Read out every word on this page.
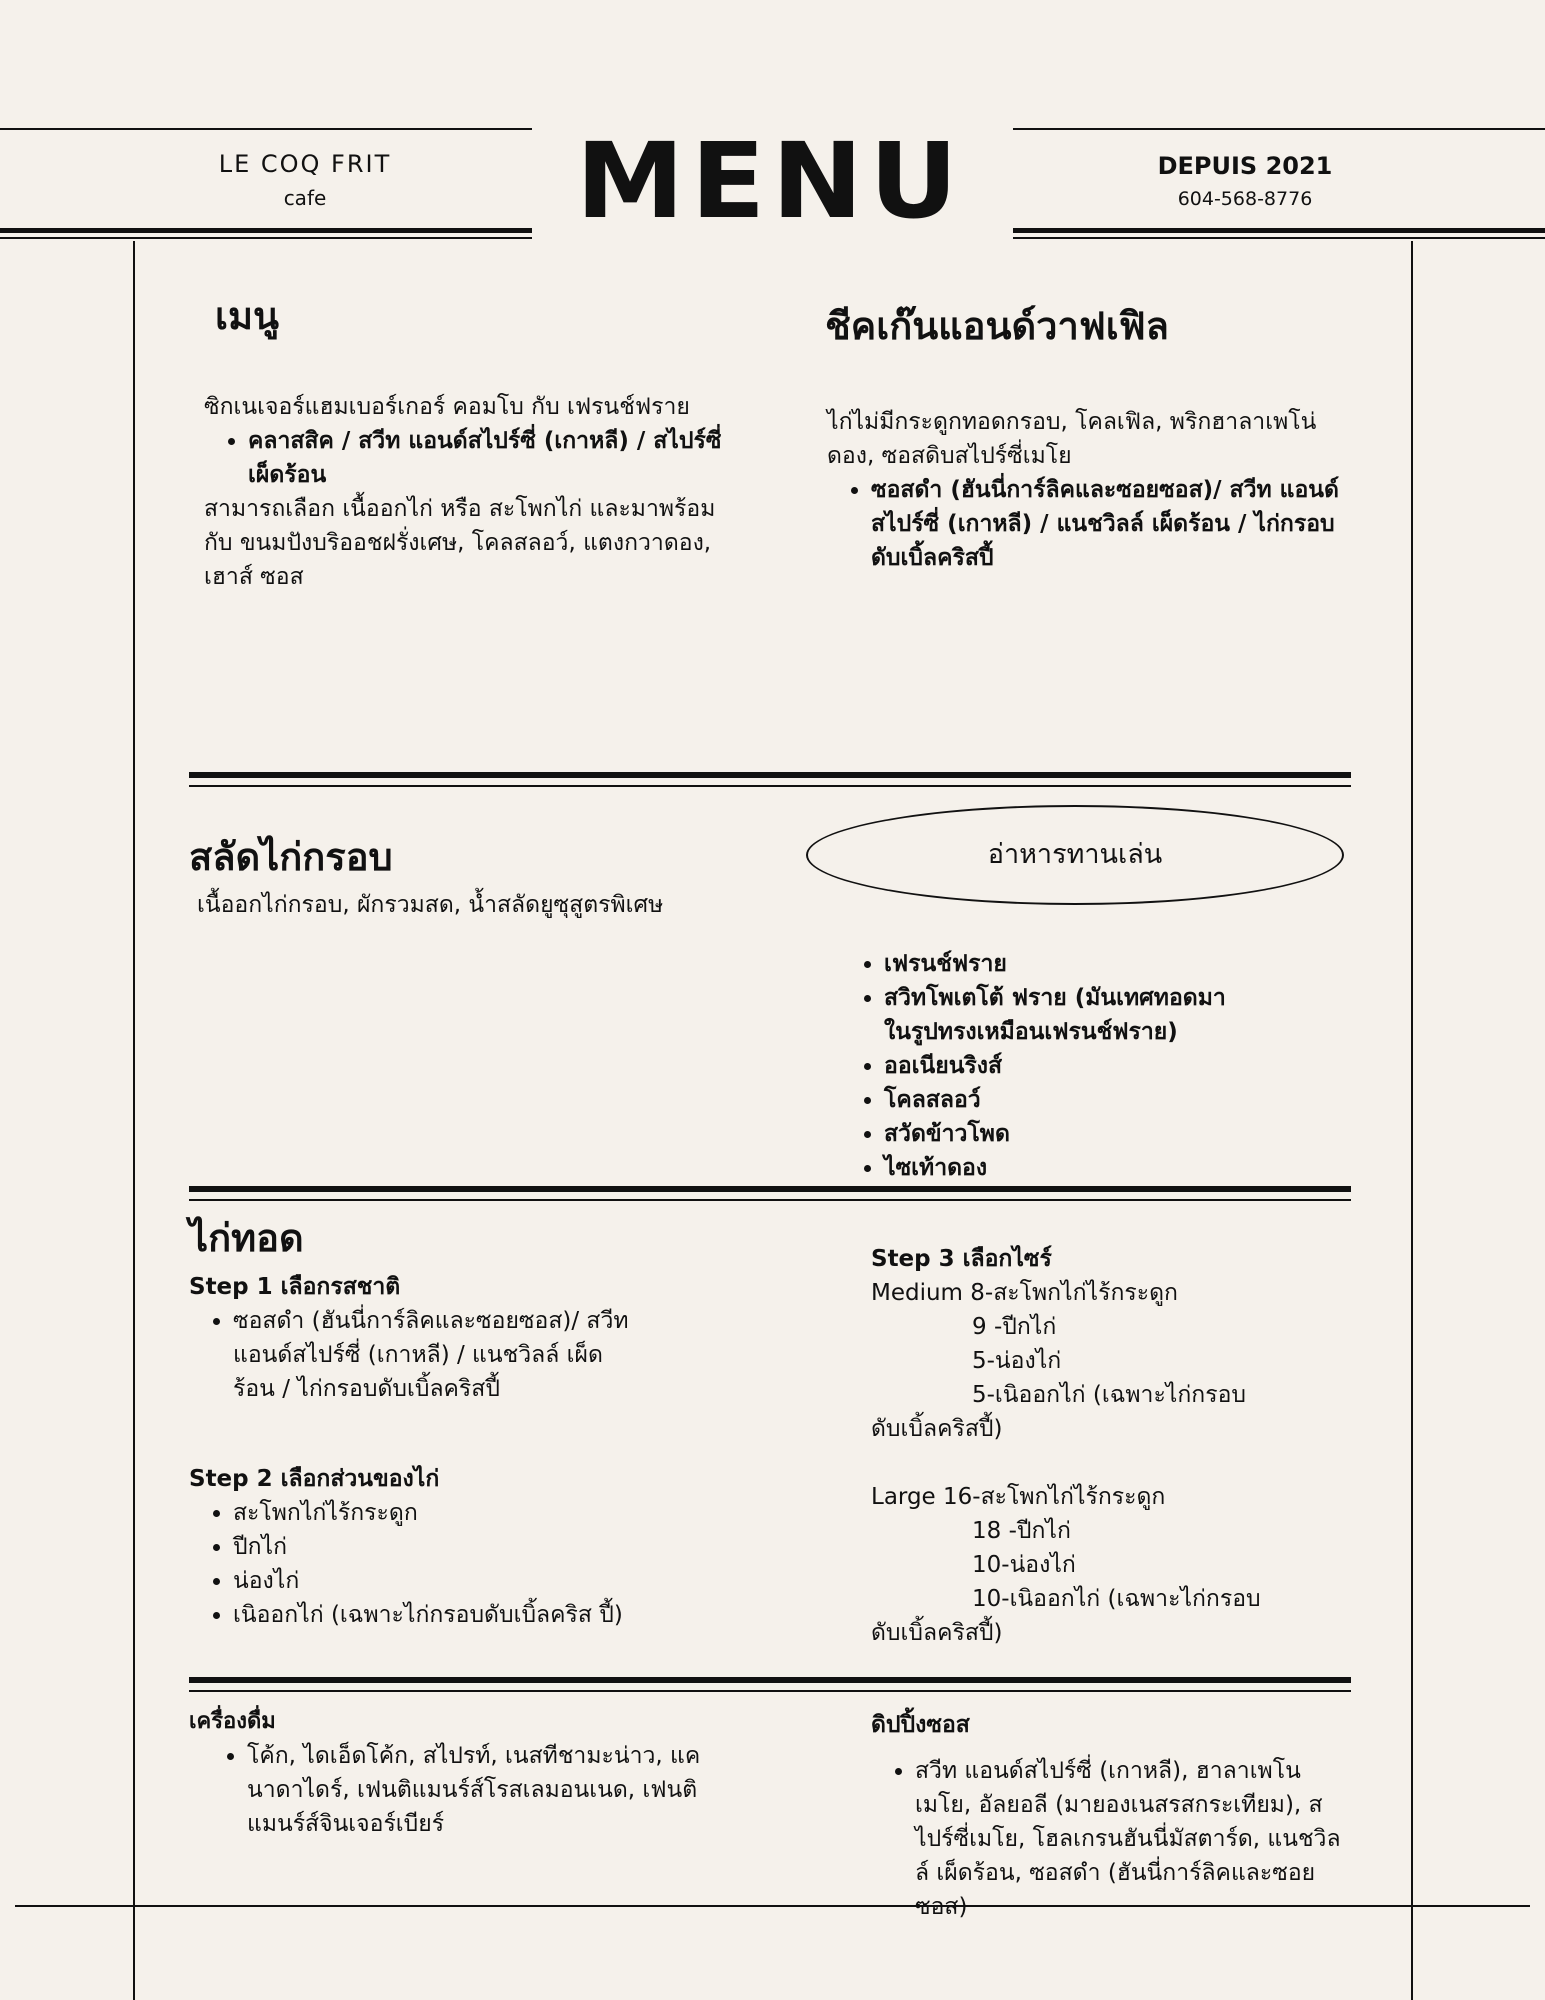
LE COQ FRIT
cafe	MENU	DEPUIS 2021
604-568-8776
เมนู
ซิกเนเจอร์แฮมเบอร์เกอร์ คอมโบ กับ เฟรนช์ฟราย
• คลาสสิค / สวีท แอนด์สไปร์ซี่ (เกาหลี) / สไปร์ซี่ เผ็ดร้อน
สามารถเลือก เนื้ออกไก่ หรือ สะโพกไก่ และมาพร้อมกับ ขนมปังบริออชฝรั่งเศษ, โคลสลอว์, แตงกวาดอง, เฮาส์ ซอส
ชีคเก๊นแอนด์วาฟเฟิล
ไก่ไม่มีกระดูกทอดกรอบ, โคลเฟิล, พริกฮาลาเพโน่ดอง, ซอสดิบสไปร์ซี่เมโย
• ซอสดำ (ฮันนี่การ์ลิคและซอยซอส)/ สวีท แอนด์สไปร์ซี่ (เกาหลี) / แนชวิลล์ เผ็ดร้อน / ไก่กรอบดับเบิ้ลคริสปี้
สลัดไก่กรอบ
เนื้ออกไก่กรอบ, ผักรวมสด, น้ำสลัดยูซุสูตรพิเศษ
อ่าหารทานเล่น
• เฟรนช์ฟราย
• สวิทโพเตโต้ ฟราย (มันเทศทอดมา ในรูปทรงเหมือนเฟรนช์ฟราย)
• ออเนียนริงส์
• โคลสลอว์
• สวัดข้าวโพด
• ไซเท้าดอง
ไก่ทอด
Step 1 เลือกรสชาติ
• ซอสดำ (ฮันนี่การ์ลิคและซอยซอส)/ สวีท แอนด์สไปร์ซี่ (เกาหลี) / แนชวิลล์ เผ็ดร้อน / ไก่กรอบดับเบิ้ลคริสปี้
Step 2 เลือกส่วนของไก่
• สะโพกไก่ไร้กระดูก
• ปีกไก่
• น่องไก่
• เนิออกไก่ (เฉพาะไก่กรอบดับเบิ้ลคริส ปี้)
Step 3 เลือกไซร์
Medium 8-สะโพกไก่ไร้กระดูก
9 -ปีกไก่
5-น่องไก่
5-เนิออกไก่ (เฉพาะไก่กรอบ
ดับเบิ้ลคริสปี้)
Large 16-สะโพกไก่ไร้กระดูก
18 -ปีกไก่
10-น่องไก่
10-เนิออกไก่ (เฉพาะไก่กรอบ
ดับเบิ้ลคริสปี้)
เครื่องดื่ม
• โค้ก, ไดเอ็ดโค้ก, สไปรท์, เนสทีชามะน่าว, แคนาดาไดร์, เฟนติแมนร์ส์โรสเลมอนเนด, เฟนติแมนร์ส์จินเจอร์เบียร์
ดิปปิ้งซอส
• สวีท แอนด์สไปร์ซี่ (เกาหลี), ฮาลาเพโนเมโย, อัลยอลี (มายองเนสรสกระเทียม), สไปร์ซี่เมโย, โฮลเกรนฮันนี่มัสตาร์ด, แนชวิลล์ เผ็ดร้อน, ซอสดำ (ฮันนี่การ์ลิคและซอยซอส)
